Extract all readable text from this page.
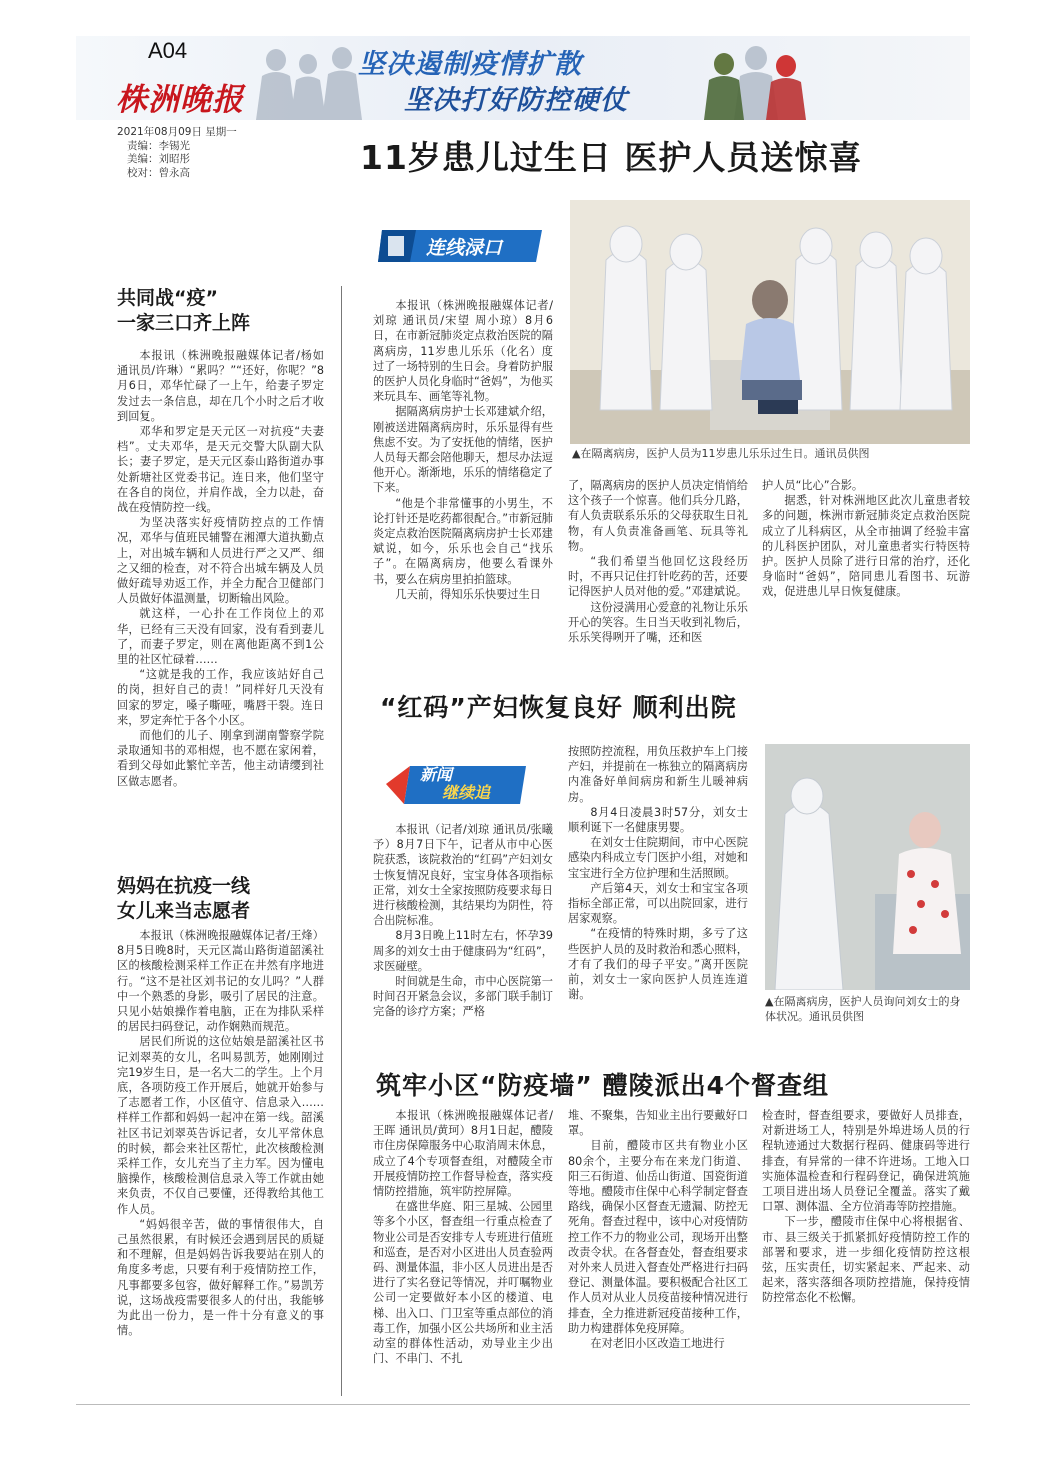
A04
株洲晚报
坚决遏制疫情扩散
坚决打好防控硬仗
2021年08月09日 星期一
责编：李锡光
美编：刘昭彤
校对：曾永高	11岁患儿过生日 医护人员送惊喜
连线渌口
▲在隔离病房，医护人员为11岁患儿乐乐过生日。通讯员供图

本报讯（株洲晚报融媒体记者/刘琼 通讯员/宋望 周小琼）8月6日，在市新冠肺炎定点救治医院的隔离病房，11岁患儿乐乐（化名）度过了一场特别的生日会。身着防护服的医护人员化身临时“爸妈”，为他买来玩具车、画笔等礼物。

据隔离病房护士长邓建斌介绍，刚被送进隔离病房时，乐乐显得有些焦虑不安。为了安抚他的情绪，医护人员每天都会陪他聊天，想尽办法逗他开心。渐渐地，乐乐的情绪稳定了下来。

“他是个非常懂事的小男生，不论打针还是吃药都很配合。”市新冠肺炎定点救治医院隔离病房护士长邓建斌说，如今，乐乐也会自己“找乐子”。在隔离病房，他要么看课外书，要么在病房里拍拍篮球。

几天前，得知乐乐快要过生日

了，隔离病房的医护人员决定悄悄给这个孩子一个惊喜。他们兵分几路，有人负责联系乐乐的父母获取生日礼物，有人负责准备画笔、玩具等礼物。

“我们希望当他回忆这段经历时，不再只记住打针吃药的苦，还要记得医护人员对他的爱。”邓建斌说。

这份浸满用心爱意的礼物让乐乐开心的笑容。生日当天收到礼物后，乐乐笑得咧开了嘴，还和医

护人员“比心”合影。

据悉，针对株洲地区此次儿童患者较多的问题，株洲市新冠肺炎定点救治医院成立了儿科病区，从全市抽调了经验丰富的儿科医护团队，对儿童患者实行特医特护。医护人员除了进行日常的治疗，还化身临时“爸妈”，陪同患儿看图书、玩游戏，促进患儿早日恢复健康。

共同战“疫”
一家三口齐上阵

本报讯（株洲晚报融媒体记者/杨如 通讯员/许琳）“累吗？”“还好，你呢？”8月6日，邓华忙碌了一上午，给妻子罗定发过去一条信息，却在几个小时之后才收到回复。

邓华和罗定是天元区一对抗疫“夫妻档”。丈夫邓华，是天元交警大队副大队长；妻子罗定，是天元区泰山路街道办事处新塘社区党委书记。连日来，他们坚守在各自的岗位，并肩作战，全力以赴，奋战在疫情防控一线。

为坚决落实好疫情防控点的工作情况，邓华与值班民辅警在湘潭大道执勤点上，对出城车辆和人员进行严之又严、细之又细的检查，对不符合出城车辆及人员做好疏导劝返工作，并全力配合卫健部门人员做好体温测量，切断输出风险。

就这样，一心扑在工作岗位上的邓华，已经有三天没有回家，没有看到妻儿了，而妻子罗定，则在离他距离不到1公里的社区忙碌着……

“这就是我的工作，我应该站好自己的岗，担好自己的责！”同样好几天没有回家的罗定，嗓子嘶哑，嘴唇干裂。连日来，罗定奔忙于各个小区。

而他们的儿子、刚拿到湖南警察学院录取通知书的邓相煜，也不愿在家闲着，看到父母如此繁忙辛苦，他主动请缨到社区做志愿者。

妈妈在抗疫一线
女儿来当志愿者

本报讯（株洲晚报融媒体记者/王烽）8月5日晚8时，天元区嵩山路街道韶溪社区的核酸检测采样工作正在井然有序地进行。“这不是社区刘书记的女儿吗？”人群中一个熟悉的身影，吸引了居民的注意。只见小姑娘操作着电脑，正在为排队采样的居民扫码登记，动作娴熟而规范。

居民们所说的这位姑娘是韶溪社区书记刘翠英的女儿，名叫易凯芳，她刚刚过完19岁生日，是一名大二的学生。上个月底，各项防疫工作开展后，她就开始参与了志愿者工作，小区值守、信息录入……样样工作都和妈妈一起冲在第一线。韶溪社区书记刘翠英告诉记者，女儿平常休息的时候，都会来社区帮忙，此次核酸检测采样工作，女儿充当了主力军。因为懂电脑操作，核酸检测信息录入等工作就由她来负责，不仅自己要懂，还得教给其他工作人员。

“妈妈很辛苦，做的事情很伟大，自己虽然很累，有时候还会遇到居民的质疑和不理解，但是妈妈告诉我要站在别人的角度多考虑，只要有利于疫情防控工作，凡事都要多包容，做好解释工作。”易凯芳说，这场战疫需要很多人的付出，我能够为此出一份力，是一件十分有意义的事情。

“红码”产妇恢复良好 顺利出院
新闻
继续追

本报讯（记者/刘琼 通讯员/张曦予）8月7日下午，记者从市中心医院获悉，该院救治的“红码”产妇刘女士恢复情况良好，宝宝身体各项指标正常，刘女士全家按照防疫要求每日进行核酸检测，其结果均为阴性，符合出院标准。

8月3日晚上11时左右，怀孕39周多的刘女士由于健康码为“红码”，求医碰壁。

时间就是生命，市中心医院第一时间召开紧急会议，多部门联手制订完备的诊疗方案；严格

按照防控流程，用负压救护车上门接产妇，并提前在一栋独立的隔离病房内准备好单间病房和新生儿暖神病房。

8月4日凌晨3时57分，刘女士顺利诞下一名健康男婴。

在刘女士住院期间，市中心医院感染内科成立专门医护小组，对她和宝宝进行全方位护理和生活照顾。

产后第4天，刘女士和宝宝各项指标全部正常，可以出院回家，进行居家观察。

“在疫情的特殊时期，多亏了这些医护人员的及时救治和悉心照料，才有了我们的母子平安。”离开医院前，刘女士一家向医护人员连连道谢。

▲在隔离病房，医护人员询问刘女士的身体状况。通讯员供图
筑牢小区“防疫墙” 醴陵派出4个督查组

本报讯（株洲晚报融媒体记者/王晖 通讯员/黄珂）8月1日起，醴陵市住房保障服务中心取消周末休息，成立了4个专项督查组，对醴陵全市开展疫情防控工作督导检查，落实疫情防控措施，筑牢防控屏障。

在盛世华庭、阳三星城、公园里等多个小区，督查组一行重点检查了物业公司是否安排专人专班进行值班和巡查，是否对小区进出人员查验两码、测量体温，非小区人员进出是否进行了实名登记等情况，并叮嘱物业公司一定要做好本小区的楼道、电梯、出入口、门卫室等重点部位的消毒工作，加强小区公共场所和业主活动室的群体性活动，劝导业主少出门、不串门、不扎

堆、不聚集，告知业主出行要戴好口罩。

目前，醴陵市区共有物业小区80余个，主要分布在来龙门街道、阳三石街道、仙岳山街道、国瓷街道等地。醴陵市住保中心科学制定督查路线，确保小区督查无遗漏、防控无死角。督查过程中，该中心对疫情防控工作不力的物业公司，现场开出整改责令状。在各督查处，督查组要求对外来人员进入督查处严格进行扫码登记、测量体温。要积极配合社区工作人员对从业人员疫苗接种情况进行排查，全力推进新冠疫苗接种工作，助力构建群体免疫屏障。

在对老旧小区改造工地进行

检查时，督查组要求，要做好人员排查，对新进场工人，特别是外埠进场人员的行程轨迹通过大数据行程码、健康码等进行排查，有异常的一律不许进场。工地入口实施体温检查和行程码登记，确保进筑施工项目进出场人员登记全覆盖。落实了戴口罩、测体温、全方位消毒等防控措施。

下一步，醴陵市住保中心将根据省、市、县三级关于抓紧抓好疫情防控工作的部署和要求，进一步细化疫情防控这根弦，压实责任，切实紧起来、严起来、动起来，落实落细各项防控措施，保持疫情防控常态化不松懈。
